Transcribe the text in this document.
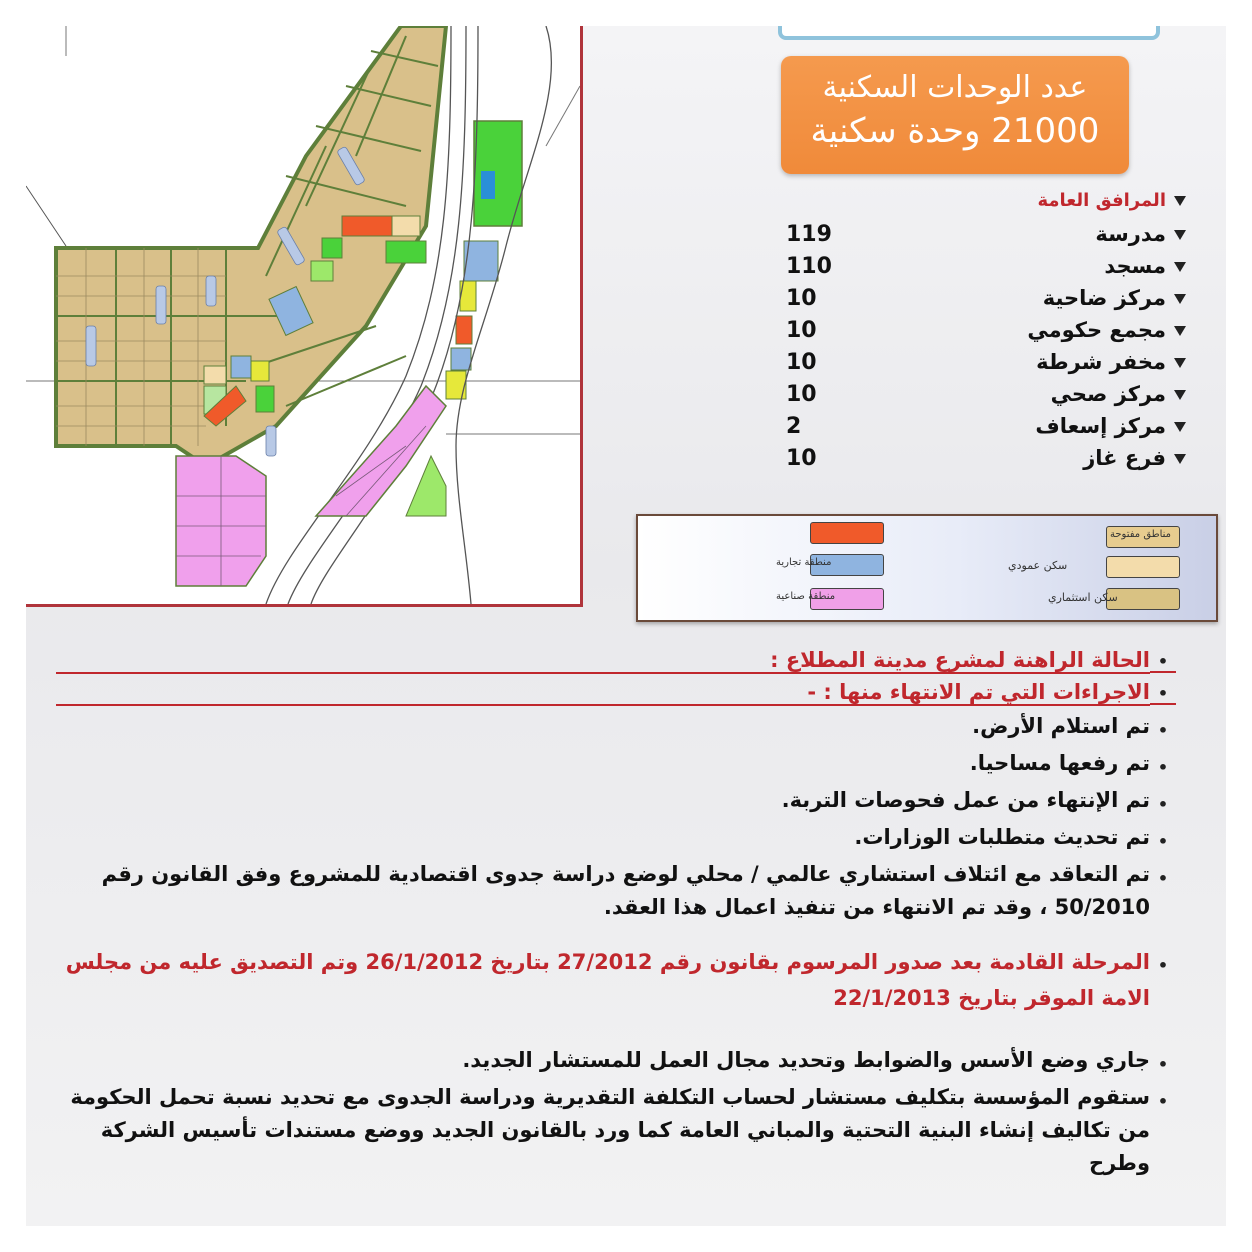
عدد الوحدات السكنية
21000 وحدة سكنية
المرافق العامة
مدرسة
119
مسجد
110
مركز ضاحية
10
مجمع حكومي
10
مخفر شرطة
10
مركز صحي
10
مركز إسعاف
2
فرع غاز
10
مناطق مفتوحة
سكن عمودي
سكن استثماري
منطقة تجارية
منطقة صناعية
•
الحالة الراهنة لمشرع مدينة المطلاع :
•
الاجراءات التي تم الانتهاء منها : -
•
تم استلام الأرض.
•
تم رفعها مساحيا.
•
تم الإنتهاء من عمل فحوصات التربة.
•
تم تحديث متطلبات الوزارات.
•
تم التعاقد مع ائتلاف استشاري عالمي / محلي لوضع دراسة جدوى اقتصادية للمشروع وفق القانون رقم 50/2010 ، وقد تم الانتهاء من تنفيذ اعمال هذا العقد.
•
المرحلة القادمة بعد صدور المرسوم بقانون رقم 27/2012 بتاريخ 26/1/2012 وتم التصديق عليه من مجلس الامة الموقر بتاريخ 22/1/2013
•
جاري وضع الأسس والضوابط وتحديد مجال العمل للمستشار الجديد.
•
ستقوم المؤسسة بتكليف مستشار لحساب التكلفة التقديرية ودراسة الجدوى مع تحديد نسبة تحمل الحكومة من تكاليف إنشاء البنية التحتية والمباني العامة كما ورد بالقانون الجديد ووضع مستندات تأسيس الشركة وطرح
